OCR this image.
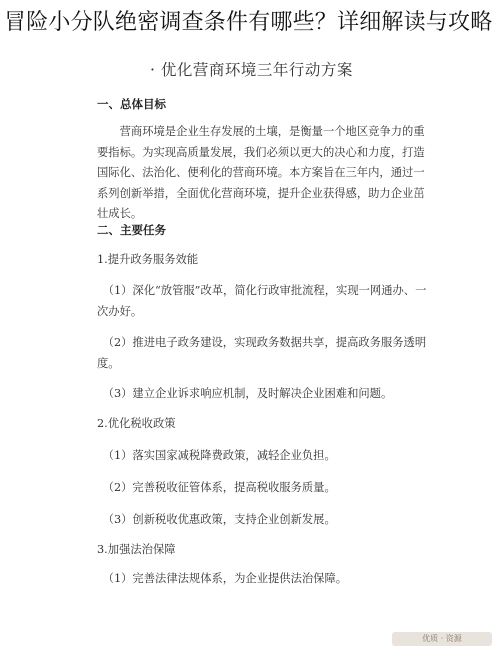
冒险小分队绝密调查条件有哪些？详细解读与攻略
· 优化营商环境三年行动方案
一、总体目标

营商环境是企业生存发展的土壤，是衡量一个地区竞争力的重要指标。为实现高质量发展，我们必须以更大的决心和力度，打造国际化、法治化、便利化的营商环境。本方案旨在三年内，通过一系列创新举措，全面优化营商环境，提升企业获得感，助力企业茁壮成长。

二、主要任务
1.提升政务服务效能
（1）深化“放管服”改革，简化行政审批流程，实现一网通办、一次办好。
（2）推进电子政务建设，实现政务数据共享，提高政务服务透明度。
（3）建立企业诉求响应机制，及时解决企业困难和问题。
2.优化税收政策
（1）落实国家减税降费政策，减轻企业负担。
（2）完善税收征管体系，提高税收服务质量。
（3）创新税收优惠政策，支持企业创新发展。
3.加强法治保障
（1）完善法律法规体系，为企业提供法治保障。
优质 · 资源
